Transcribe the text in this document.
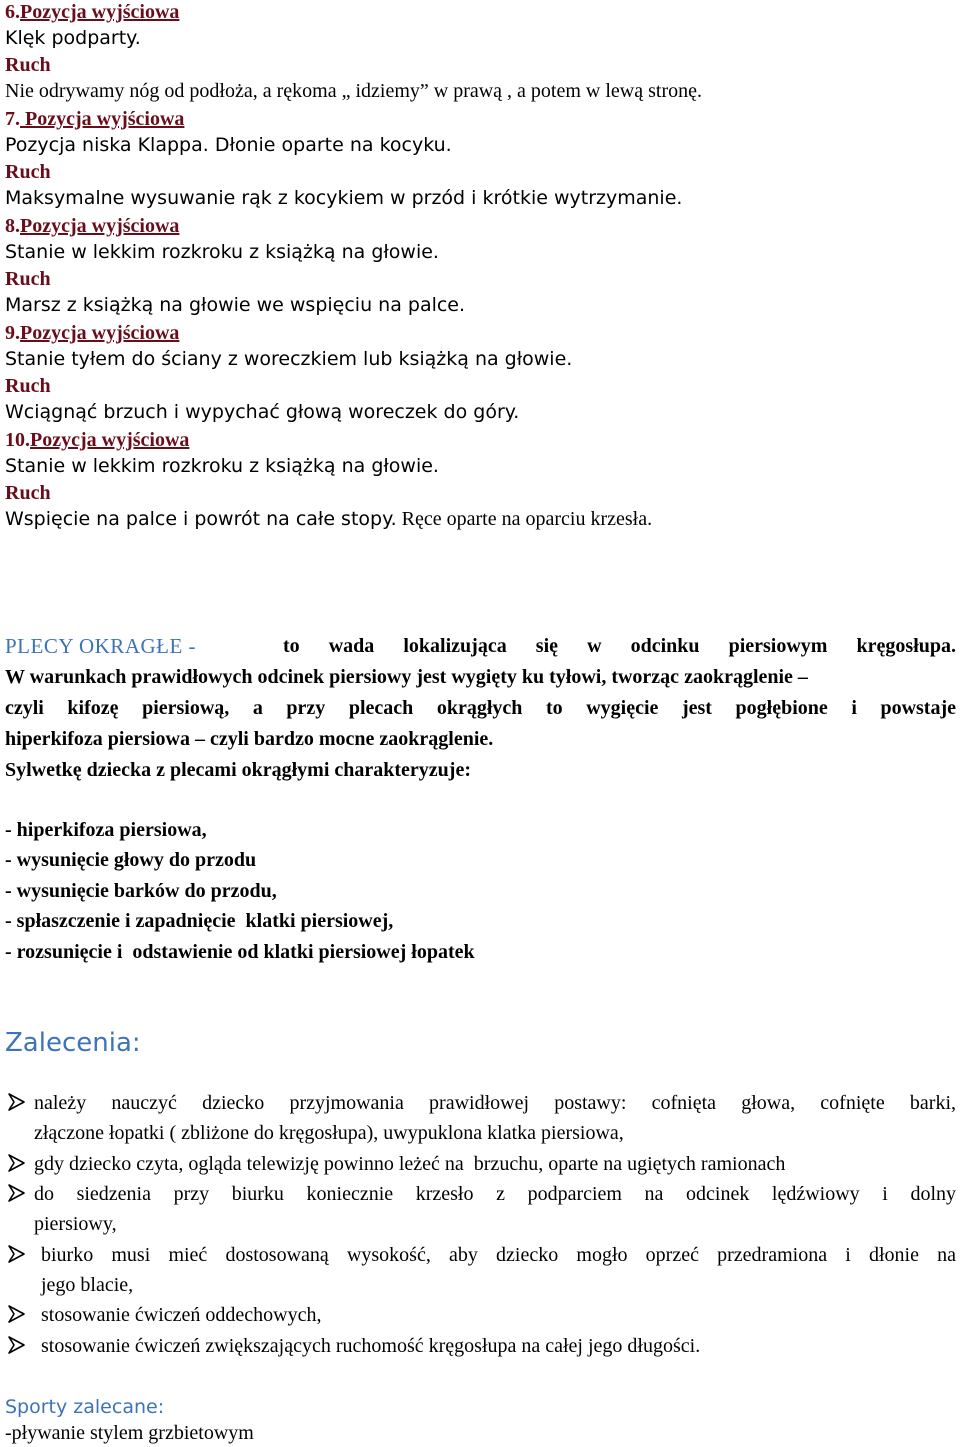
6.Pozycja wyjściowa
Klęk podparty.
Ruch
Nie odrywamy nóg od podłoża, a rękoma „ idziemy” w prawą , a potem w lewą stronę.
7. Pozycja wyjściowa
Pozycja niska Klappa. Dłonie oparte na kocyku.
Ruch
Maksymalne wysuwanie rąk z kocykiem w przód i krótkie wytrzymanie.
8.Pozycja wyjściowa
Stanie w lekkim rozkroku z książką na głowie.
Ruch
Marsz z książką na głowie we wspięciu na palce.
9.Pozycja wyjściowa
Stanie tyłem do ściany z woreczkiem lub książką na głowie.
Ruch
Wciągnąć brzuch i wypychać głową woreczek do góry.
10.Pozycja wyjściowa
Stanie w lekkim rozkroku z książką na głowie.
Ruch
Wspięcie na palce i powrót na całe stopy. Ręce oparte na oparciu krzesła.
PLECY OKRAGŁE -	to wada lokalizująca się w odcinku piersiowym kręgosłupa.
W warunkach prawidłowych odcinek piersiowy jest wygięty ku tyłowi, tworząc zaokrąglenie –
czyli kifozę piersiową, a przy plecach okrągłych to wygięcie jest pogłębione i powstaje
hiperkifoza piersiowa – czyli bardzo mocne zaokrąglenie.
Sylwetkę dziecka z plecami okrągłymi charakteryzuje:
- hiperkifoza piersiowa,
- wysunięcie głowy do przodu
- wysunięcie barków do przodu,
- spłaszczenie i zapadnięcie  klatki piersiowej,
- rozsunięcie i  odstawienie od klatki piersiowej łopatek
Zalecenia:
należy nauczyć dziecko przyjmowania prawidłowej postawy: cofnięta głowa, cofnięte barki,
złączone łopatki ( zbliżone do kręgosłupa), uwypuklona klatka piersiowa,
gdy dziecko czyta, ogląda telewizję powinno leżeć na  brzuchu, oparte na ugiętych ramionach
do siedzenia przy biurku koniecznie krzesło z podparciem na odcinek lędźwiowy i dolny
piersiowy,
biurko musi mieć dostosowaną wysokość, aby dziecko mogło oprzeć przedramiona i dłonie na
jego blacie,
stosowanie ćwiczeń oddechowych,
stosowanie ćwiczeń zwiększających ruchomość kręgosłupa na całej jego długości.
Sporty zalecane:
-pływanie stylem grzbietowym
